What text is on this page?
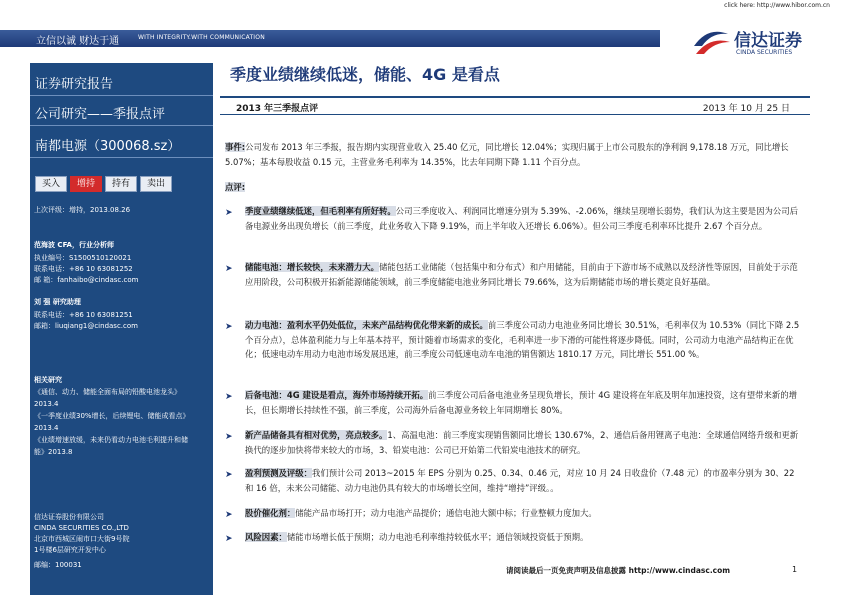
click here: http://www.hibor.com.cn
立信以诚 财达于通	WITH INTEGRITY.WITH COMMUNICATION	信达证券
CINDA SECURITIES
证券研究报告
公司研究——季报点评
南都电源（300068.sz）
买入	增持	持有	卖出
上次评级：增持，2013.08.26
范海波 CFA，行业分析师
执业编号：S1500510120021
联系电话：+86 10 63081252
邮 箱：fanhaibo@cindasc.com
刘 强 研究助理
联系电话：+86 10 63081251
邮箱：liuqiang1@cindasc.com
相关研究
《通信、动力、储能全面布局的铅酸电池龙头》
2013.4
《一季度业绩30%增长，后续锂电、储能成看点》
2013.4
《业绩增速放缓，未来仍看动力电池毛利提升和储
能》2013.8
信达证券股份有限公司
CINDA SECURITIES CO.,LTD
北京市西城区闹市口大街9号院
1号楼6层研究开发中心
邮编：100031
季度业绩继续低迷，储能、4G 是看点
2013 年三季报点评	2013 年 10 月 25 日
事件:公司发布 2013 年三季报，报告期内实现营业收入 25.40 亿元，同比增长 12.04%；实现归属于上市公司股东的净利润 9,178.18 万元，同比增长 5.07%；基本每股收益 0.15 元，主营业务毛利率为 14.35%，比去年同期下降 1.11 个百分点。
点评:
➤ 季度业绩继续低迷，但毛利率有所好转。公司三季度收入、利润同比增速分别为 5.39%、-2.06%，继续呈现增长弱势，我们认为这主要是因为公司后备电源业务出现负增长（前三季度，此业务收入下降 9.19%，而上半年收入还增长 6.06%）。但公司三季度毛利率环比提升 2.67 个百分点。
➤ 储能电池：增长较快，未来潜力大。储能包括工业储能（包括集中和分布式）和户用储能，目前由于下游市场不成熟以及经济性等原因，目前处于示范应用阶段，公司积极开拓新能源储能领域，前三季度储能电池业务同比增长 79.66%，这为后期储能市场的增长奠定良好基础。
➤ 动力电池：盈利水平仍处低位，未来产品结构优化带来新的成长。前三季度公司动力电池业务同比增长 30.51%，毛利率仅为 10.53%（同比下降 2.5 个百分点），总体盈利能力与上年基本持平，预计随着市场需求的变化，毛利率进一步下滑的可能性将逐步降低。同时，公司动力电池产品结构正在优化；低速电动车用动力电池市场发展迅速，前三季度公司低速电动车电池的销售额达 1810.17 万元，同比增长 551.00 %。
➤ 后备电池：4G 建设是看点，海外市场持续开拓。前三季度公司后备电池业务呈现负增长，预计 4G 建设将在年底及明年加速投资，这有望带来新的增长，但长期增长持续性不强，前三季度，公司海外后备电源业务较上年同期增长 80%。
➤ 新产品储备具有相对优势，亮点较多。1、高温电池：前三季度实现销售额同比增长 130.67%，2、通信后备用锂离子电池：全球通信网络升级和更新换代的逐步加快将带来较大的市场，3、铅炭电池：公司已开始第二代铅炭电池技术的研究。
➤ 盈利预测及评级：我们预计公司 2013~2015 年 EPS 分别为 0.25、0.34、0.46 元，对应 10 月 24 日收盘价（7.48 元）的市盈率分别为 30、22 和 16 倍，未来公司储能、动力电池仍具有较大的市场增长空间，维持“增持”评级。。
➤ 股价催化剂：储能产品市场打开；动力电池产品提价；通信电池大额中标；行业整顿力度加大。
➤ 风险因素：储能市场增长低于预期；动力电池毛利率维持较低水平；通信领域投资低于预期。
请阅读最后一页免责声明及信息披露 http://www.cindasc.com	1
